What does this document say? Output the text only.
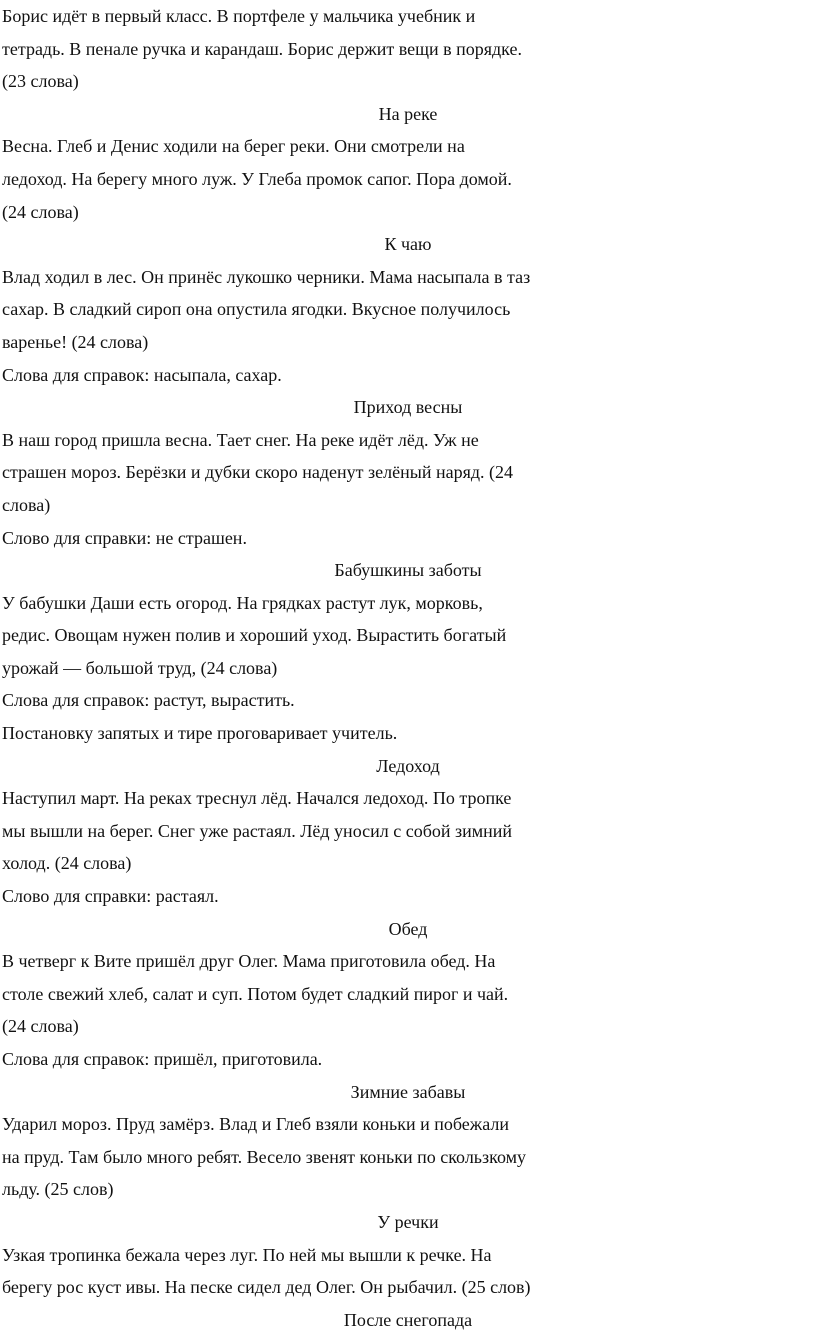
Борис идёт в первый класс. В портфеле у мальчика учебник и
тетрадь. В пенале ручка и карандаш. Борис держит вещи в порядке.
(23 слова)
На реке
Весна. Глеб и Денис ходили на берег реки. Они смотрели на
ледоход. На берегу много луж. У Глеба промок сапог. Пора домой.
(24 слова)
К чаю
Влад ходил в лес. Он принёс лукошко черники. Мама насыпала в таз
сахар. В сладкий сироп она опустила ягодки. Вкусное получилось
варенье! (24 слова)
Слова для справок: насыпала, сахар.
Приход весны
В наш город пришла весна. Тает снег. На реке идёт лёд. Уж не
страшен мороз. Берёзки и дубки скоро наденут зелёный наряд. (24
слова)
Слово для справки: не страшен.
Бабушкины заботы
У бабушки Даши есть огород. На грядках растут лук, морковь,
редис. Овощам нужен полив и хороший уход. Вырастить богатый
урожай — большой труд, (24 слова)
Слова для справок: растут, вырастить.
Постановку запятых и тире проговаривает учитель.
Ледоход
Наступил март. На реках треснул лёд. Начался ледоход. По тропке
мы вышли на берег. Снег уже растаял. Лёд уносил с собой зимний
холод. (24 слова)
Слово для справки: растаял.
Обед
В четверг к Вите пришёл друг Олег. Мама приготовила обед. На
столе свежий хлеб, салат и суп. Потом будет сладкий пирог и чай.
(24 слова)
Слова для справок: пришёл, приготовила.
Зимние забавы
Ударил мороз. Пруд замёрз. Влад и Глеб взяли коньки и побежали
на пруд. Там было много ребят. Весело звенят коньки по скользкому
льду. (25 слов)
У речки
Узкая тропинка бежала через луг. По ней мы вышли к речке. На
берегу рос куст ивы. На песке сидел дед Олег. Он рыбачил. (25 слов)
После снегопада
